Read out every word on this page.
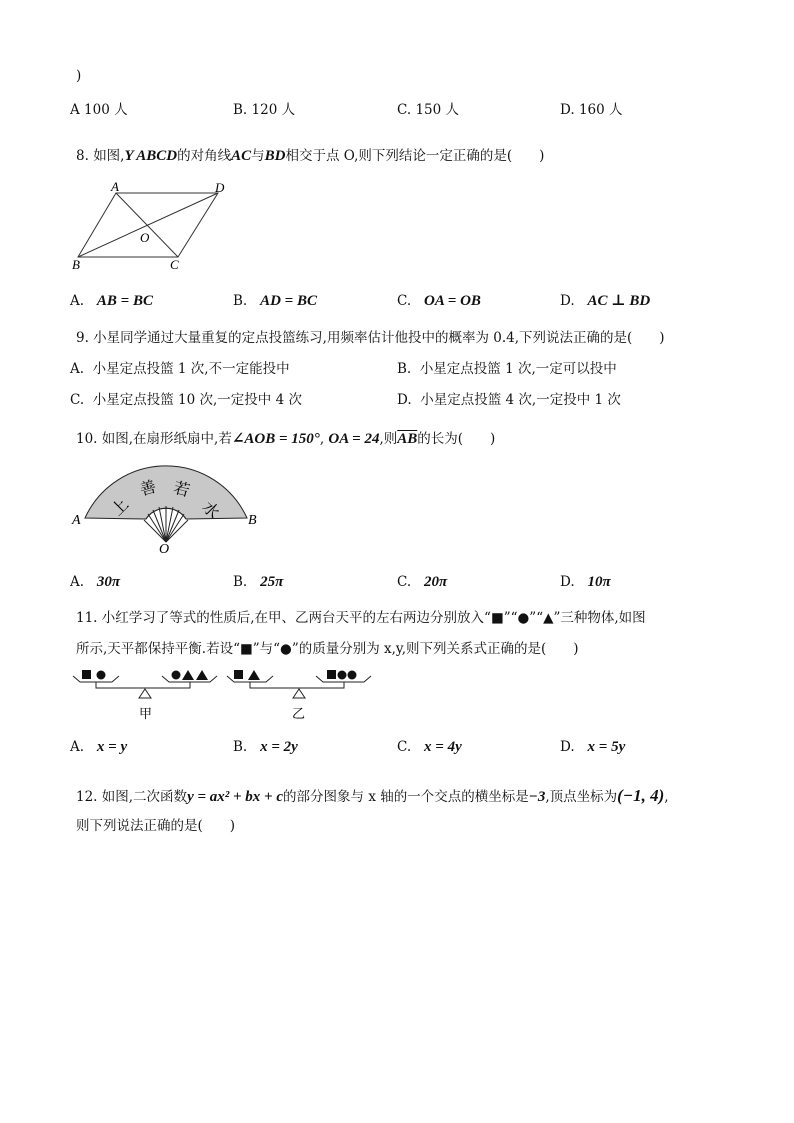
)
A 100 人	B. 120 人	C. 150 人	D. 160 人
8. 如图,Y ABCD的对角线AC与BD相交于点 O,则下列结论一定正确的是(　　)
A	D
B	C
O
A. AB = BC	B. AD = BC	C. OA = OB	D. AC ⊥ BD
9. 小星同学通过大量重复的定点投篮练习,用频率估计他投中的概率为 0.4,下列说法正确的是(　　)
A. 小星定点投篮 1 次,不一定能投中	B. 小星定点投篮 1 次,一定可以投中
C. 小星定点投篮 10 次,一定投中 4 次	D. 小星定点投篮 4 次,一定投中 1 次
10. 如图,在扇形纸扇中,若∠AOB = 150°, OA = 24,则$\overline{AB}$的长为(　　)
上
善 若
水
A	B
O
A. 30π	B. 25π	C. 20π	D. 10π
11. 小红学习了等式的性质后,在甲、乙两台天平的左右两边分别放入“■”“●”“▲”三种物体,如图
所示,天平都保持平衡.若设“■”与“●”的质量分别为 x,y,则下列关系式正确的是(　　)
甲	乙
A. x = y	B. x = 2y	C. x = 4y	D. x = 5y
12. 如图,二次函数y = ax² + bx + c的部分图象与 x 轴的一个交点的横坐标是−3,顶点坐标为(−1, 4),
则下列说法正确的是(　　)
